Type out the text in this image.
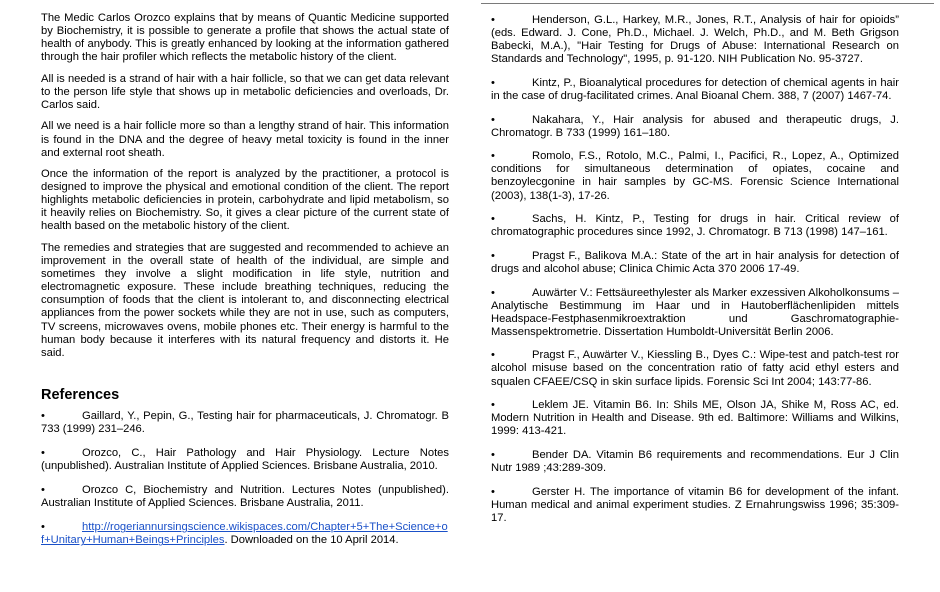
The Medic Carlos Orozco explains that by means of Quantic Medicine supported by Biochemistry, it is possible to generate a profile that shows the actual state of health of anybody. This is greatly enhanced by looking at the information gathered through the hair profiler which reflects the metabolic history of the client.

All is needed is a strand of hair with a hair follicle, so that we can get data relevant to the person life style that shows up in metabolic deficiencies and overloads, Dr. Carlos said.

All we need is a hair follicle more so than a lengthy strand of hair. This information is found in the DNA and the degree of heavy metal toxicity is found in the inner and external root sheath.

Once the information of the report is analyzed by the practitioner, a protocol is designed to improve the physical and emotional condition of the client. The report highlights metabolic deficiencies in protein, carbohydrate and lipid metabolism, so it heavily relies on Biochemistry. So, it gives a clear picture of the current state of health based on the metabolic history of the client.

The remedies and strategies that are suggested and recommended to achieve an improvement in the overall state of health of the individual, are simple and sometimes they involve a slight modification in life style, nutrition and electromagnetic exposure. These include breathing techniques, reducing the consumption of foods that the client is intolerant to, and disconnecting electrical appliances from the power sockets while they are not in use, such as computers, TV screens, microwaves ovens, mobile phones etc. Their energy is harmful to the human body because it interferes with its natural frequency and distorts it. He said.

References
•	Gaillard, Y., Pepin, G., Testing hair for pharmaceuticals, J. Chromatogr. B 733 (1999) 231–246.
•	Orozco, C., Hair Pathology and Hair Physiology. Lecture Notes (unpublished). Australian Institute of Applied Sciences. Brisbane Australia, 2010.
•	Orozco C, Biochemistry and Nutrition. Lectures Notes (unpublished). Australian Institute of Applied Sciences. Brisbane Australia, 2011.
•	http://rogeriannursingscience.wikispaces.com/Chapter+5+The+Science+of+Unitary+Human+Beings+Principles. Downloaded on the 10 April 2014.
•	Henderson, G.L., Harkey, M.R., Jones, R.T., Analysis of hair for opioids” (eds. Edward. J. Cone, Ph.D., Michael. J. Welch, Ph.D., and M. Beth Grigson Babecki, M.A.), "Hair Testing for Drugs of Abuse: International Research on Standards and Technology", 1995, p. 91-120. NIH Publication No. 95-3727.
•	Kintz, P., Bioanalytical procedures for detection of chemical agents in hair in the case of drug-facilitated crimes. Anal Bioanal Chem. 388, 7 (2007) 1467-74.
•	Nakahara, Y., Hair analysis for abused and therapeutic drugs, J. Chromatogr. B 733 (1999) 161–180.
•	Romolo, F.S., Rotolo, M.C., Palmi, I., Pacifici, R., Lopez, A., Optimized conditions for simultaneous determination of opiates, cocaine and benzoylecgonine in hair samples by GC-MS. Forensic Science International (2003), 138(1-3), 17-26.
•	Sachs, H. Kintz, P., Testing for drugs in hair. Critical review of chromatographic procedures since 1992, J. Chromatogr. B 713 (1998) 147–161.
•	Pragst F., Balikova M.A.: State of the art in hair analysis for detection of drugs and alcohol abuse; Clinica Chimic Acta 370 2006 17-49.
•	Auwärter V.: Fettsäureethylester als Marker exzessiven Alkoholkonsums – Analytische Bestimmung im Haar und in Hautoberflächenlipiden mittels Headspace-Festphasenmikroextraktion und Gaschromatographie-Massenspektrometrie. Dissertation Humboldt-Universität Berlin 2006.
•	Pragst F., Auwärter V., Kiessling B., Dyes C.: Wipe-test and patch-test ror alcohol misuse based on the concentration ratio of fatty acid ethyl esters and squalen CFAEE/CSQ in skin surface lipids. Forensic Sci Int 2004; 143:77-86.
•	Leklem JE. Vitamin B6. In: Shils ME, Olson JA, Shike M, Ross AC, ed. Modern Nutrition in Health and Disease. 9th ed. Baltimore: Williams and Wilkins, 1999: 413-421.
•	Bender DA. Vitamin B6 requirements and recommendations. Eur J Clin Nutr 1989 ;43:289-309.
•	Gerster H. The importance of vitamin B6 for development of the infant. Human medical and animal experiment studies. Z Ernahrungswiss 1996; 35:309-17.
